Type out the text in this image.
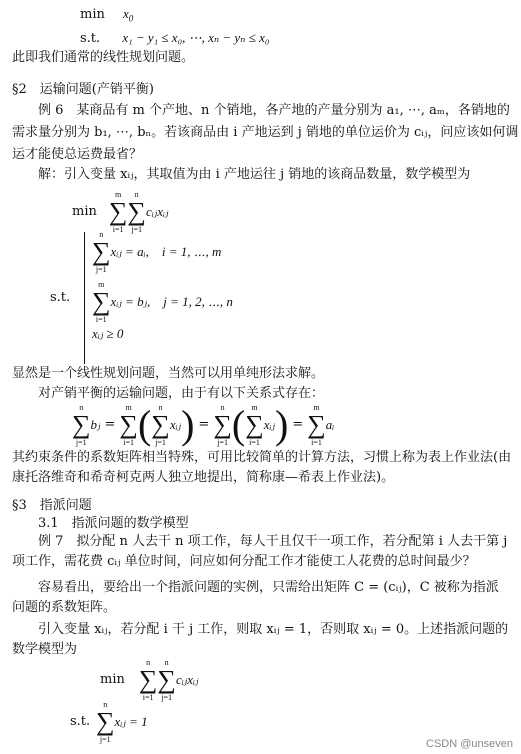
$\min x_0$
s.t. x₁ − y₁ ≤ x₀, ⋯, xₙ − yₙ ≤ x₀
此即我们通常的线性规划问题。
§2　运输问题(产销平衡)
例 6　某商品有 m 个产地、n 个销地，各产地的产量分别为 a₁, ⋯, aₘ，各销地的
需求量分别为 b₁, ⋯, bₙ。若该商品由 i 产地运到 j 销地的单位运价为 cᵢⱼ，问应该如何调
运才能使总运费最省？
解：引入变量 xᵢⱼ，其取值为由 i 产地运往 j 销地的该商品数量，数学模型为
min
m
∑
i=1
n
∑
j=1
cᵢⱼxᵢⱼ
s.t.
n
∑
j=1
xᵢⱼ = aᵢ,　i = 1, ⋯, m
m
∑
i=1
xᵢⱼ = bⱼ,　j = 1, 2, ⋯, n
xᵢⱼ ≥ 0
显然是一个线性规划问题，当然可以用单纯形法求解。
对产销平衡的运输问题，由于有以下关系式存在：
n
∑
j=1
bⱼ =
m
∑
i=1 ( n
∑
j=1
xᵢⱼ ) =
n
∑
j=1 ( m
∑
i=1
xᵢⱼ ) =
m
∑
i=1
aᵢ
其约束条件的系数矩阵相当特殊，可用比较简单的计算方法，习惯上称为表上作业法(由
康托洛维奇和希奇柯克两人独立地提出，简称康—希表上作业法)。
§3　指派问题
3.1　指派问题的数学模型
例 7　拟分配 n 人去干 n 项工作，每人干且仅干一项工作，若分配第 i 人去干第 j
项工作，需花费 cᵢⱼ 单位时间，问应如何分配工作才能使工人花费的总时间最少？
容易看出，要给出一个指派问题的实例，只需给出矩阵 C = (cᵢⱼ)，C 被称为指派
问题的系数矩阵。
引入变量 xᵢⱼ，若分配 i 干 j 工作，则取 xᵢⱼ = 1，否则取 xᵢⱼ = 0。上述指派问题的
数学模型为
min
n
∑
i=1
n
∑
j=1
cᵢⱼxᵢⱼ
s.t.
n
∑
j=1
xᵢⱼ = 1
CSDN @unseven
